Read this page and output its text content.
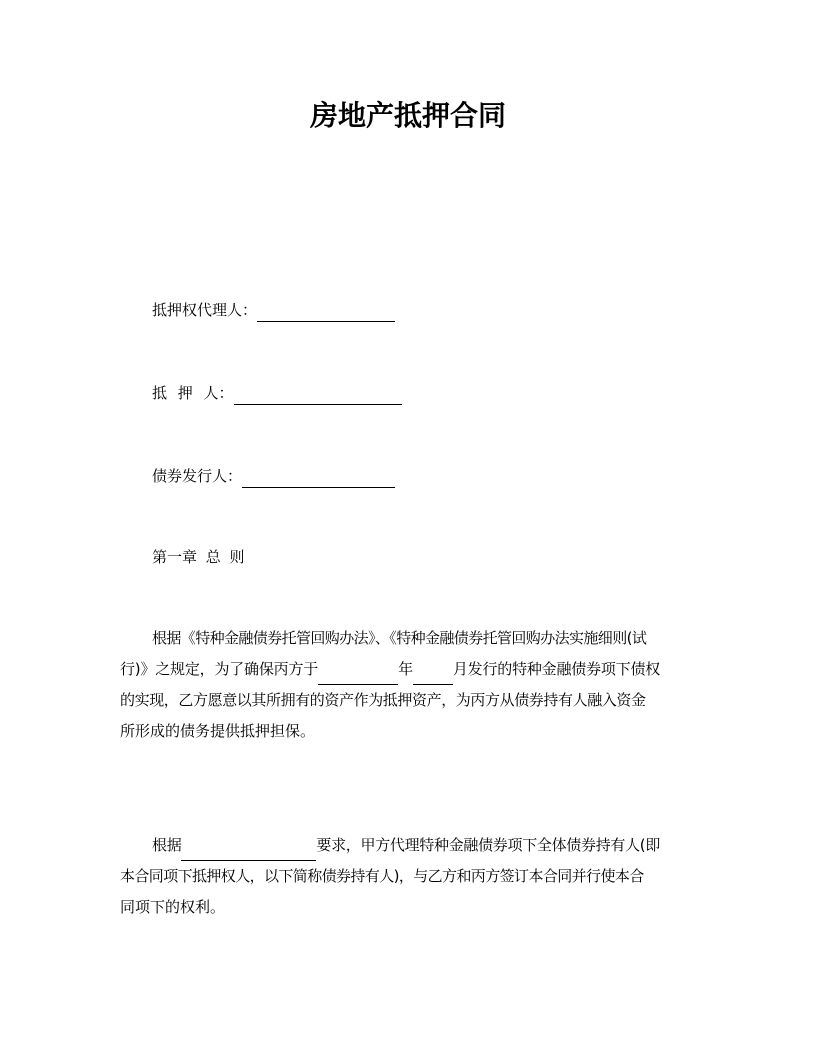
房地产抵押合同
抵押权代理人：
抵 押 人：
债券发行人：
第一章 总 则
根据《特种金融债券托管回购办法》、《特种金融债券托管回购办法实施细则(试
行)》之规定，为了确保丙方于	年	月发行的特种金融债券项下债权
的实现，乙方愿意以其所拥有的资产作为抵押资产，为丙方从债券持有人融入资金
所形成的债务提供抵押担保。
根据	要求，甲方代理特种金融债券项下全体债券持有人(即
本合同项下抵押权人，以下简称债券持有人)，与乙方和丙方签订本合同并行使本合
同项下的权利。
